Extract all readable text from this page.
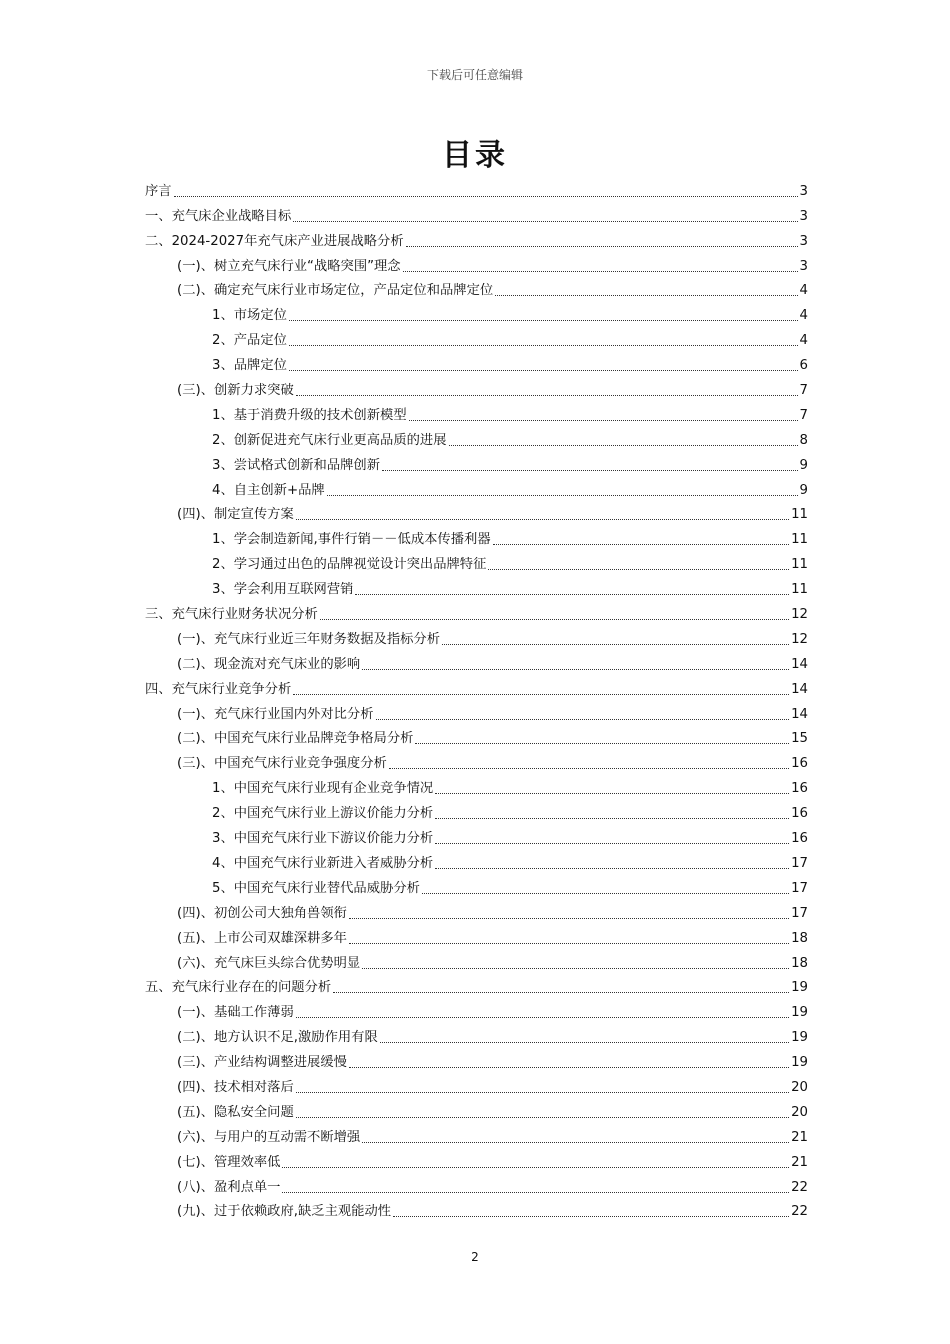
下载后可任意编辑
目录
序言	3
一、充气床企业战略目标	3
二、2024-2027年充气床产业进展战略分析	3
(一)、树立充气床行业“战略突围”理念	3
(二)、确定充气床行业市场定位，产品定位和品牌定位	4
1、市场定位	4
2、产品定位	4
3、品牌定位	6
(三)、创新力求突破	7
1、基于消费升级的技术创新模型	7
2、创新促进充气床行业更高品质的进展	8
3、尝试格式创新和品牌创新	9
4、自主创新+品牌	9
(四)、制定宣传方案	11
1、学会制造新闻,事件行销－－低成本传播利器	11
2、学习通过出色的品牌视觉设计突出品牌特征	11
3、学会利用互联网营销	11
三、充气床行业财务状况分析	12
(一)、充气床行业近三年财务数据及指标分析	12
(二)、现金流对充气床业的影响	14
四、充气床行业竞争分析	14
(一)、充气床行业国内外对比分析	14
(二)、中国充气床行业品牌竞争格局分析	15
(三)、中国充气床行业竞争强度分析	16
1、中国充气床行业现有企业竞争情况	16
2、中国充气床行业上游议价能力分析	16
3、中国充气床行业下游议价能力分析	16
4、中国充气床行业新进入者威胁分析	17
5、中国充气床行业替代品威胁分析	17
(四)、初创公司大独角兽领衔	17
(五)、上市公司双雄深耕多年	18
(六)、充气床巨头综合优势明显	18
五、充气床行业存在的问题分析	19
(一)、基础工作薄弱	19
(二)、地方认识不足,激励作用有限	19
(三)、产业结构调整进展缓慢	19
(四)、技术相对落后	20
(五)、隐私安全问题	20
(六)、与用户的互动需不断增强	21
(七)、管理效率低	21
(八)、盈利点单一	22
(九)、过于依赖政府,缺乏主观能动性	22
2
